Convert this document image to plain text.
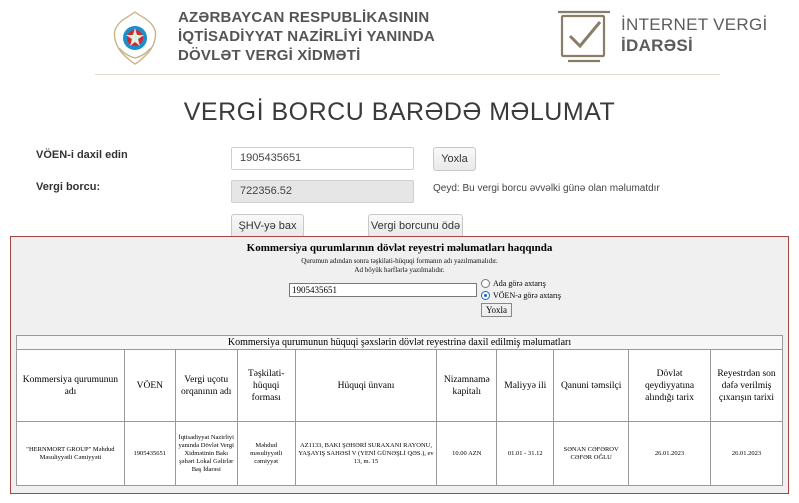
AZƏRBAYCAN RESPUBLİKASININ
İQTİSADİYYAT NAZİRLİYİ YANINDA
DÖVLƏT VERGİ XİDMƏTİ
İNTERNET VERGİ
İDARƏSİ
VERGİ BORCU BARƏDƏ MƏLUMAT
VÖEN-i daxil edin	1905435651	Yoxla
Vergi borcu:	722356.52	Qeyd: Bu vergi borcu əvvəlki günə olan məlumatdır
ŞHV-yə bax	Vergi borcunu ödə
Kommersiya qurumlarının dövlət reyestri məlumatları haqqında
Qurumun adından sonra təşkilati-hüquqi formanın adı yazılmamalıdır.
Ad böyük hərflərlə yazılmalıdır.
1905435651
Ada görə axtarış
VÖEN-ə görə axtarış
Yoxla
Kommersiya qurumunun hüquqi şəxslərin dövlət reyestrinə daxil edilmiş məlumatları									
Kommersiya qurumunun adı	VÖEN	Vergi uçotu orqanının adı	Təşkilati-hüquqi forması	Hüquqi ünvanı	Nizamnamə kapitalı	Maliyyə ili	Qanuni təmsilçi	Dövlət qeydiyyatına alındığı tarix	Reyestrdən son dəfə verilmiş çıxarışın tarixi
"HERNMORT GROUP" Məhdud Məsuliyyətli Cəmiyyəti	1905435651	İqtisadiyyat Nazirliyi yanında Dövlət Vergi Xidmətinin Bakı şəhəri Lokal Gəlirlər Baş İdarəsi	Məhdud məsuliyyətli cəmiyyət	AZ1133, BAKI ŞƏHƏRİ SURAXANI RAYONU, YAŞAYIŞ SAHƏSİ V (YENİ GÜNƏŞLİ QƏS.), ev 13, m. 15	10.00 AZN	01.01 - 31.12	SƏNAN CƏFƏROV CƏFƏR OĞLU	26.01.2023	26.01.2023
